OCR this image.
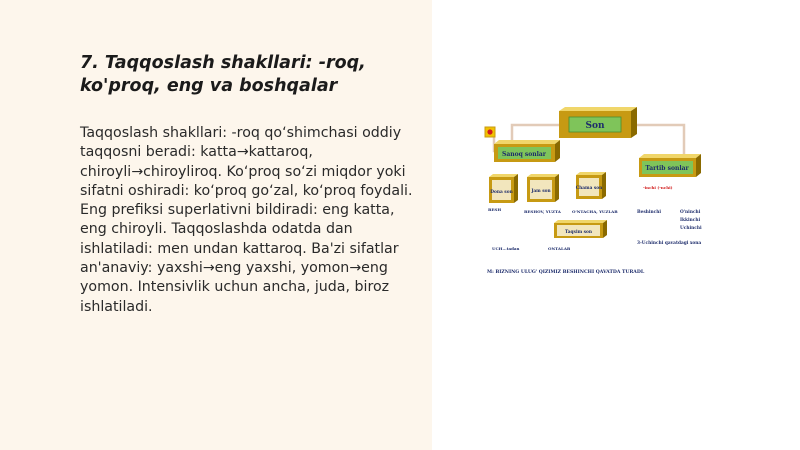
7. Taqqoslash shakllari: -roq, ko'proq, eng va boshqalar

Taqqoslash shakllari: -roq qo‘shimchasi oddiy taqqosni beradi: katta→kattaroq, chiroyli→chiroyliroq. Ko‘proq so‘zi miqdor yoki sifatni oshiradi: ko‘proq go‘zal, ko‘proq foydali. Eng prefiksi superlativni bildiradi: eng katta, eng chiroyli. Taqqoslashda odatda dan ishlatiladi: men undan kattaroq. Ba'zi sifatlar an'anaviy: yaxshi→eng yaxshi, yomon→eng yomon. Intensivlik uchun ancha, juda, biroz ishlatiladi.

Son
Sanoq sonlar
Tartib sonlar
Dona son	Jam son
Chama son
Taqsim son
BESH	BESHOV, YUZTA	O'NTACHA, YUZLAB
UCH...tadan	ONTALAB
-inchi (-nchi)
Beshinchi	O'ninchi
Ikkinchi
Uchinchi
3-Uchinchi qavatdagi xona
M: BIZNING ULUG' QIZIMIZ BESHINCHI QAVATDA TURADI.
